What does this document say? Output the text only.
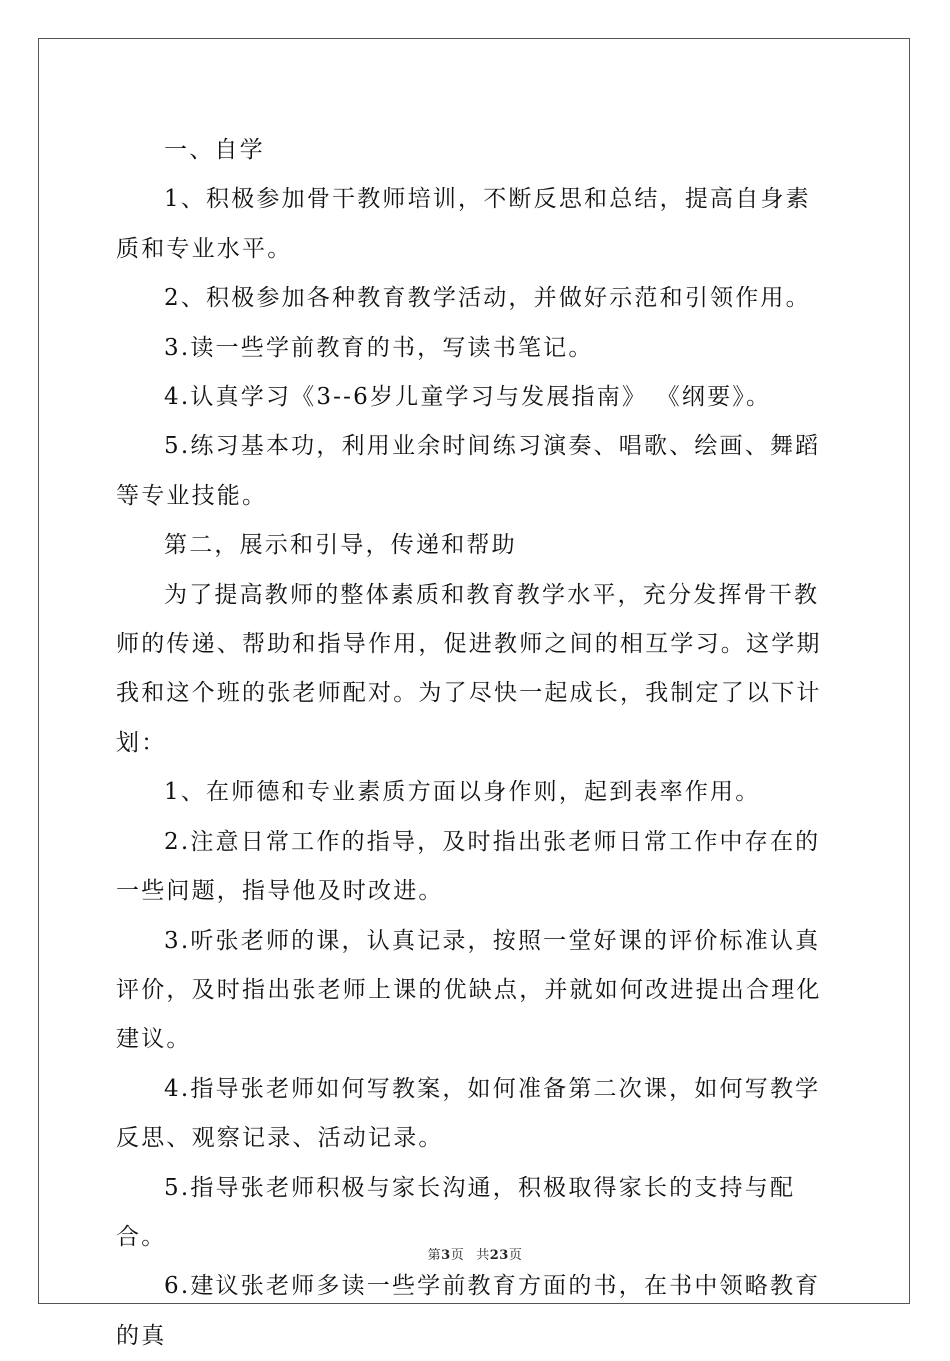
一、自学

1、积极参加骨干教师培训，不断反思和总结，提高自身素质和专业水平。

2、积极参加各种教育教学活动，并做好示范和引领作用。

3.读一些学前教育的书，写读书笔记。

4.认真学习《3--6岁儿童学习与发展指南》 《纲要》。

5.练习基本功，利用业余时间练习演奏、唱歌、绘画、舞蹈等专业技能。

第二，展示和引导，传递和帮助

为了提高教师的整体素质和教育教学水平，充分发挥骨干教师的传递、帮助和指导作用，促进教师之间的相互学习。这学期我和这个班的张老师配对。为了尽快一起成长，我制定了以下计划：

1、在师德和专业素质方面以身作则，起到表率作用。

2.注意日常工作的指导，及时指出张老师日常工作中存在的一些问题，指导他及时改进。

3.听张老师的课，认真记录，按照一堂好课的评价标准认真评价，及时指出张老师上课的优缺点，并就如何改进提出合理化建议。

4.指导张老师如何写教案，如何准备第二次课，如何写教学反思、观察记录、活动记录。

5.指导张老师积极与家长沟通，积极取得家长的支持与配合。

6.建议张老师多读一些学前教育方面的书，在书中领略教育的真

第3页 共23页
